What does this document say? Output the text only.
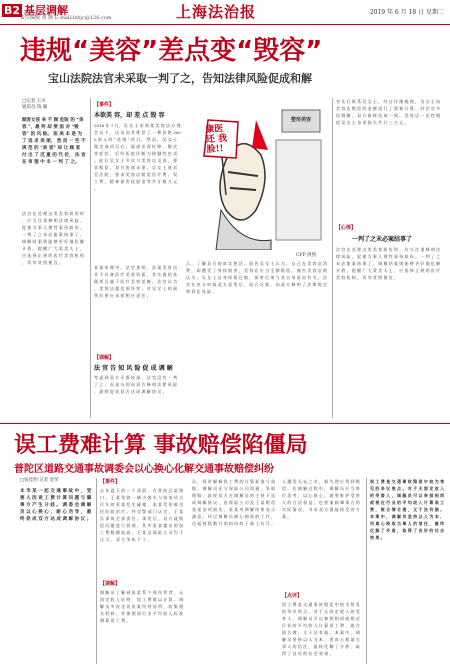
B2 基层调解
责任编辑 黄 静 E-mail:fzbjc@126.com	上海法治报	2019 年 6 月 18 日 星期二
违规“美容”差点变“毁容”
宝山法院法官未采取一判了之，告知法律风险促成和解
□记者 王川
通讯员 钱 颖
顾客女孩 来 不 顾 危险 的 “美容 ”，最 终 却 要 面 对 “毁 容” 的 风 险。 医 美 本 是 为 了 追 求 美 丽， 然 而 一 些 不 规 范 的 “美 容” 却 让 顾 客 付 出 了 沉 重 的 代 价， 法 官 在 审 理 中 未 一 判 了 之。
法 官 在 处 理 这 类 美 容 纠 纷 时 ， 应 当 注 重 释 明 法 律 风 险 ， 促 使 当 事 人 理 性 看 待 纠 纷 。 一 判 了 之 未 必 能 案 结 事 了 ， 调 解 结 案 则 能 够 更 好 地 化 解 矛 盾 。 提 醒 广 大 爱 美 人 士 ， 应 选 择 正 规 的 医 疗 美 容 机 构 ， 切 勿 贪 图 便 宜 。
【事件】
本欲美 容，却 差 点 毁 容
2016 年 7 月， 吴 女 士 来 到 某 美 容 店 办 理 会 员 卡 ， 店 员 向 其 推 荐 了 一 种 价 格 3000 余 元 的 “ 祛 斑 ” 项 目 。 然 而 ， 吴 女 士 做 完 该 项 目 后 ， 面 部 出 现 红 肿 、 脱 皮 等 症 状 ， 后 经 医 院 诊 断 为 接 触 性 皮 炎 。 此 后 吴 女 士 多 次 与 美 容 店 交 涉 ， 要 求 赔 偿 ， 双 方 协 商 未 果 。 吴 女 士 遂 诉 至 法 院 ， 要 求 美 容 店 赔 偿 医 疗 费 、 误 工 费 、 精 神 损 害 抚 慰 金 等 共 计 数 万 元 。
本 案 审 理 中 ， 法 官 查 明 ， 涉 案 美 容 店 并 不 具 备 医 疗 美 容 资 质 ， 其 实 施 的 祛 斑 项 目 属 于 医 疗 美 容 范 畴 。 法 官 认 为 ， 美 容 店 超 范 围 经 营 ， 对 吴 女 士 的 损 害 后 果 应 承 担 相 应 责 任 。
【调解】
法 官 告 知 风 险 促 成 调 解
考 虑 到 双 方 矛 盾 较 深 ， 法 官 没 有 一 判 了 之 ， 而 是 分 别 向 双 方 释 明 法 律 风 险 ， 最 终 促 成 双 方 达 成 调 解 协 议 。
康医
还 我
脸!!
整形美容
CFP 供图
示 ， 了 解 双 方 的 真 实 想 法 。 原 告 吴 女 士 认 为 ， 自 己 在 美 容 店 消 费 ， 却 遭 受 了 身 体 损 害 ， 美 容 店 应 当 全 额 赔 偿 。 被 告 美 容 店 则 认 为 ， 吴 女 士 自 身 体 质 过 敏 ， 损 害 后 果 与 其 自 身 原 因 有 关 。 法 官 在 充 分 听 取 双 方 意 见 后 ， 结 合 证 据 ， 向 双 方 释 明 了 法 律 规 定 和 诉 讼 风 险 。
官 先 后 联 系 吴 女 士 ， 经 过 仔 细 梳 理 ， 吴 女 士 向 美 容 店 赔 偿 的 金 额 进 行 了 重 新 计 算 。 经 法 官 多 次 调 解 ， 双 方 最 终 达 成 一 致 ， 美 容 店 一 次 性 赔 偿 吴 女 士 各 项 损 失 共 计 三 万 元 。
【心得】
一判了之未必案结事了
法 官 在 处 理 这 类 美 容 纠 纷 时 ， 应 当 注 重 释 明 法 律 风 险 ， 促 使 当 事 人 理 性 看 待 纠 纷 。 一 判 了 之 未 必 能 案 结 事 了 ， 调 解 结 案 则 能 够 更 好 地 化 解 矛 盾 。 提 醒 广 大 爱 美 人 士 ， 应 选 择 正 规 的 医 疗 美 容 机 构 ， 切 勿 贪 图 便 宜 。
误工费难计算 事故赔偿陷僵局
普陀区道路交通事故调委会以心换心化解交通事故赔偿纠纷
□张佳明 记者 金荣
本 市 某 一 起 交 通 事 故 中 ， 受 害 人 因 误 工 费 计 算 问 题 与 肇 事 方 产 生 分 歧 。 调 委 会 调 解 员 以 心 换 心 ， 耐 心 劝 导 ， 最 终 促 成 双 方 达 成 调 解 协 议 。
【事件】
去 年 夏 天 的 一 个 清 晨 ， 在 普 陀 区 某 路 口 ， 王 某 驾 驶 一 辆 小 客 车 与 骑 电 动 自 行 车 的 张 某 发 生 碰 撞 ， 张 某 受 伤 被 送 往 医 院 治 疗 。 经 交 警 部 门 认 定 ， 王 某 负 事 故 全 部 责 任 。 事 发 后 ， 双 方 就 赔 偿 问 题 进 行 协 商 ， 其 中 张 某 提 出 的 误 工 费 数 额 较 高 ， 王 某 及 保 险 公 司 均 不 认 可 ， 双 方 争 执 不 下 。
【调解】
调 解 员 了 解 到 张 某 系 个 体 经 营 者 ， 无 固 定 收 入 证 明 ， 误 工 费 难 以 计 算 。 调 解 员 多 次 走 访 张 某 经 营 场 所 ， 收 集 相 关 材 料 ， 并 参 照 同 行 业 平 均 收 入 标 准 测 算 误 工 费 。
员 ， 同 时 解 释 误 工 费 的 计 算 标 准 与 依 据 。 调 解 员 还 与 保 险 公 司 沟 通 ， 争 取 理 赔 ， 最 终 双 方 在 调 解 员 的 主 持 下 达 成 调 解 协 议 ， 由 保 险 公 司 及 王 某 赔 偿 张 某 各 项 损 失 ， 张 某 对 调 解 结 果 表 示 满 意 。 经 过 调 解 员 耐 心 细 致 的 工 作 ， 这 起 持 续 数 月 的 纠 纷 终 于 画 上 句 号 。
人 遭 受 无 妄 之 灾 ， 损 失 理 应 得 到 赔 偿 。 在 调 解 过 程 中 ， 调 解 员 应 当 换 位 思 考 ， 以 心 换 心 ， 既 要 维 护 受 害 人 的 合 法 权 益 ， 也 要 兼 顾 肇 事 方 的 实 际 情 况 ， 寻 求 双 方 都 能 接 受 的 方 案 。
【点评】
误 工 费 是 交 通 事 故 赔 偿 中 较 为 常 见 的 争 议 焦 点 。 对 于 无 固 定 收 入 的 受 害 人 ， 调 解 员 可 以 参 照 相 同 或 相 近 行 业 的 平 均 收 入 计 算 误 工 费 ， 既 合 情 合 理 ， 又 于 法 有 据 。 本 案 中 ， 调 解 员 坚 持 以 人 为 本 ， 用 真 心 换 取 当 事 人 的 信 任 ， 最 终 化 解 了 矛 盾 ， 取 得 了 良 好 的 社 会 效 果 。
误 工 费 是 交 通 事 故 赔 偿 中 较 为 常 见 的 争 议 焦 点 。 对 于 无 固 定 收 入 的 受 害 人 ， 调 解 员 可 以 参 照 相 同 或 相 近 行 业 的 平 均 收 入 计 算 误 工 费 ， 既 合 情 合 理 ， 又 于 法 有 据 。 本 案 中 ， 调 解 员 坚 持 以 人 为 本 ， 用 真 心 换 取 当 事 人 的 信 任 ， 最 终 化 解 了 矛 盾 ， 取 得 了 良 好 的 社 会 效 果 。
